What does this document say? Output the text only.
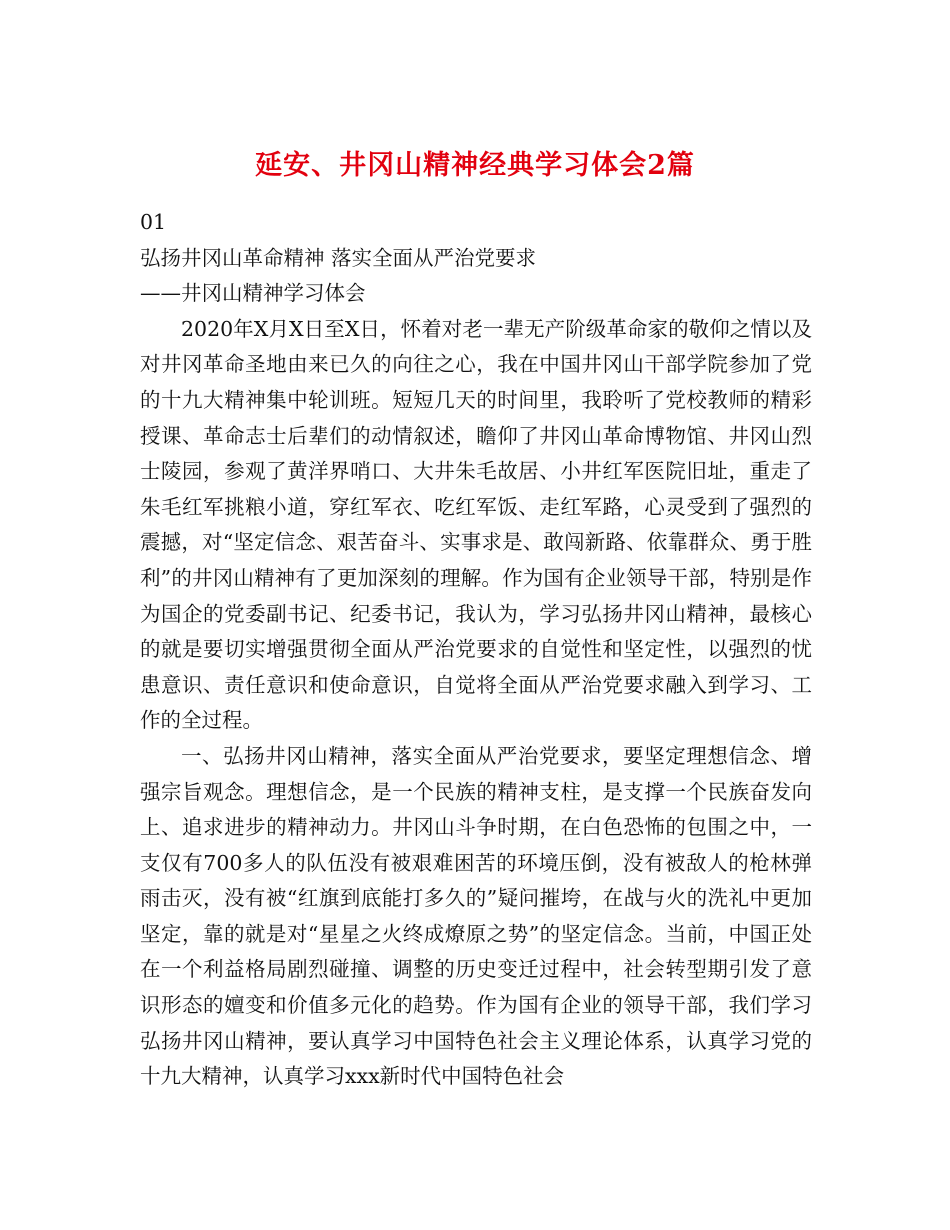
延安、井冈山精神经典学习体会2篇

01

弘扬井冈山革命精神 落实全面从严治党要求

——井冈山精神学习体会

2020年X月X日至X日，怀着对老一辈无产阶级革命家的敬仰之情以及对井冈革命圣地由来已久的向往之心，我在中国井冈山干部学院参加了党的十九大精神集中轮训班。短短几天的时间里，我聆听了党校教师的精彩授课、革命志士后辈们的动情叙述，瞻仰了井冈山革命博物馆、井冈山烈士陵园，参观了黄洋界哨口、大井朱毛故居、小井红军医院旧址，重走了朱毛红军挑粮小道，穿红军衣、吃红军饭、走红军路，心灵受到了强烈的震撼，对“坚定信念、艰苦奋斗、实事求是、敢闯新路、依靠群众、勇于胜利”的井冈山精神有了更加深刻的理解。作为国有企业领导干部，特别是作为国企的党委副书记、纪委书记，我认为，学习弘扬井冈山精神，最核心的就是要切实增强贯彻全面从严治党要求的自觉性和坚定性，以强烈的忧患意识、责任意识和使命意识，自觉将全面从严治党要求融入到学习、工作的全过程。

一、弘扬井冈山精神，落实全面从严治党要求，要坚定理想信念、增强宗旨观念。理想信念，是一个民族的精神支柱，是支撑一个民族奋发向上、追求进步的精神动力。井冈山斗争时期，在白色恐怖的包围之中，一支仅有700多人的队伍没有被艰难困苦的环境压倒，没有被敌人的枪林弹雨击灭，没有被“红旗到底能打多久的”疑问摧垮，在战与火的洗礼中更加坚定，靠的就是对“星星之火终成燎原之势”的坚定信念。当前，中国正处在一个利益格局剧烈碰撞、调整的历史变迁过程中，社会转型期引发了意识形态的嬗变和价值多元化的趋势。作为国有企业的领导干部，我们学习弘扬井冈山精神，要认真学习中国特色社会主义理论体系，认真学习党的十九大精神，认真学习xxx新时代中国特色社会
